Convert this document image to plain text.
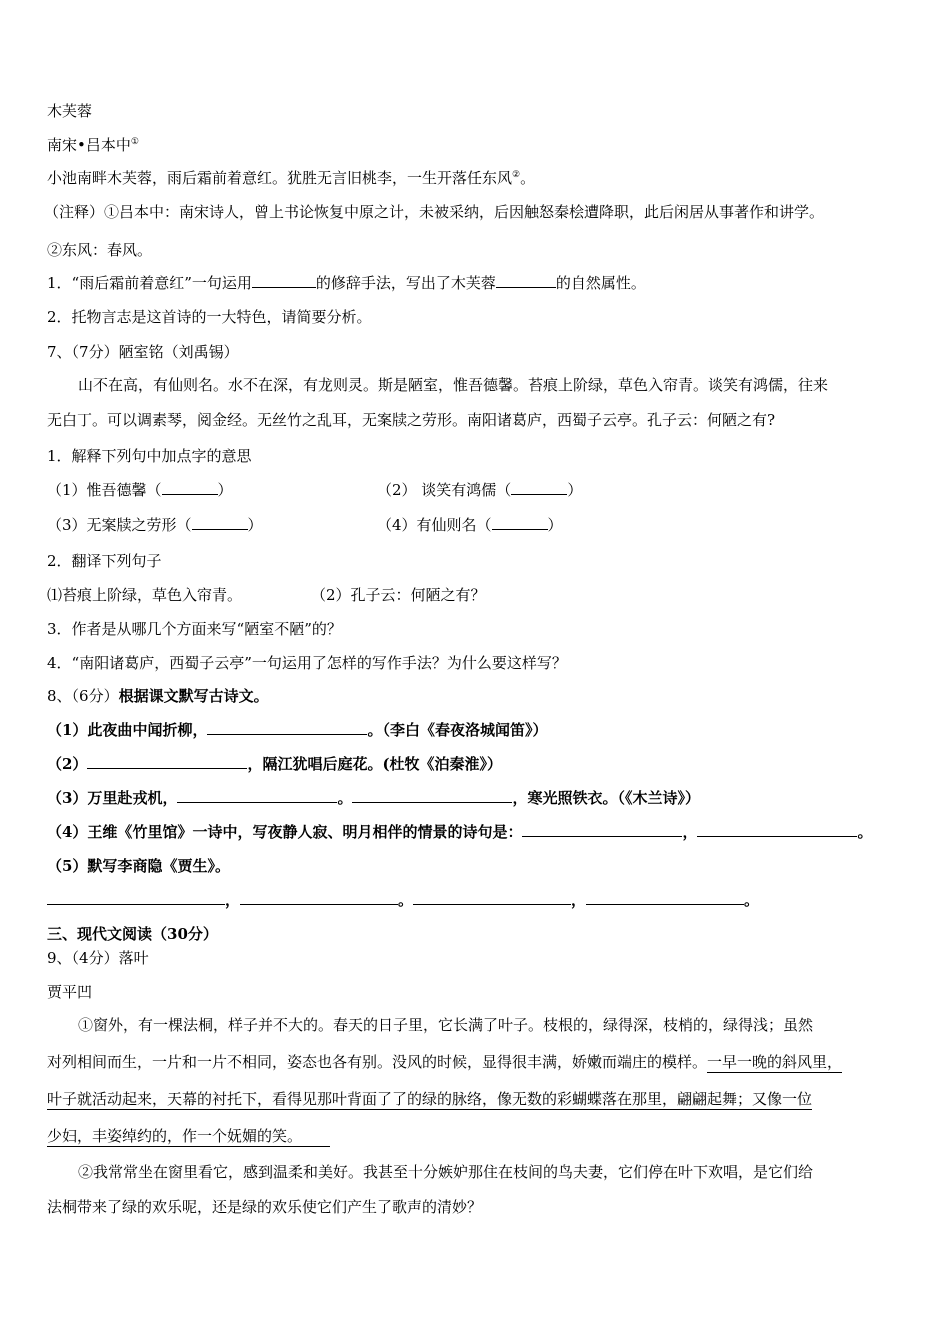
木芙蓉
南宋•吕本中①
小池南畔木芙蓉，雨后霜前着意红。犹胜无言旧桃李，一生开落任东风②。
（注释）①吕本中：南宋诗人，曾上书论恢复中原之计，未被采纳，后因触怒秦桧遭降职，此后闲居从事著作和讲学。
②东风：春风。
1．“雨后霜前着意红”一句运用	的修辞手法，写出了木芙蓉	的自然属性。
2．托物言志是这首诗的一大特色，请简要分析。
7、（7分）陋室铭（刘禹锡）
山不在高，有仙则名。水不在深，有龙则灵。斯是陋室，惟吾德馨。苔痕上阶绿，草色入帘青。谈笑有鸿儒，往来
无白丁。可以调素琴，阅金经。无丝竹之乱耳，无案牍之劳形。南阳诸葛庐，西蜀子云亭。孔子云：何陋之有?
1．解释下列句中加点字的意思
（1）惟吾德馨（	）	（2） 谈笑有鸿儒（	）
（3）无案牍之劳形（	）	（4）有仙则名（	）
2．翻译下列句子
⑴苔痕上阶绿，草色入帘青。	（2）孔子云：何陋之有？
3．作者是从哪几个方面来写“陋室不陋”的？
4．“南阳诸葛庐，西蜀子云亭”一句运用了怎样的写作手法？为什么要这样写？
8、（6分）根据课文默写古诗文。
（1）此夜曲中闻折柳，	。（李白《春夜洛城闻笛》）
（2）	，隔江犹唱后庭花。(杜牧《泊秦淮》）
（3）万里赴戎机，	。	，寒光照铁衣。（《木兰诗》）
（4）王维《竹里馆》一诗中，写夜静人寂、明月相伴的情景的诗句是：	，	。
（5）默写李商隐《贾生》。
，	。	，	。
三、现代文阅读（30分）
9、（4分）落叶
贾平凹
①窗外，有一棵法桐，样子并不大的。春天的日子里，它长满了叶子。枝根的，绿得深，枝梢的，绿得浅；虽然
对列相间而生，一片和一片不相同，姿态也各有别。没风的时候，显得很丰满，娇嫩而端庄的模样。一早一晚的斜风里，
叶子就活动起来，天幕的衬托下，看得见那叶背面了了的绿的脉络，像无数的彩蝴蝶落在那里，翩翩起舞；又像一位
少妇，丰姿绰约的，作一个妩媚的笑。
②我常常坐在窗里看它，感到温柔和美好。我甚至十分嫉妒那住在枝间的鸟夫妻，它们停在叶下欢唱，是它们给
法桐带来了绿的欢乐呢，还是绿的欢乐使它们产生了歌声的清妙？
